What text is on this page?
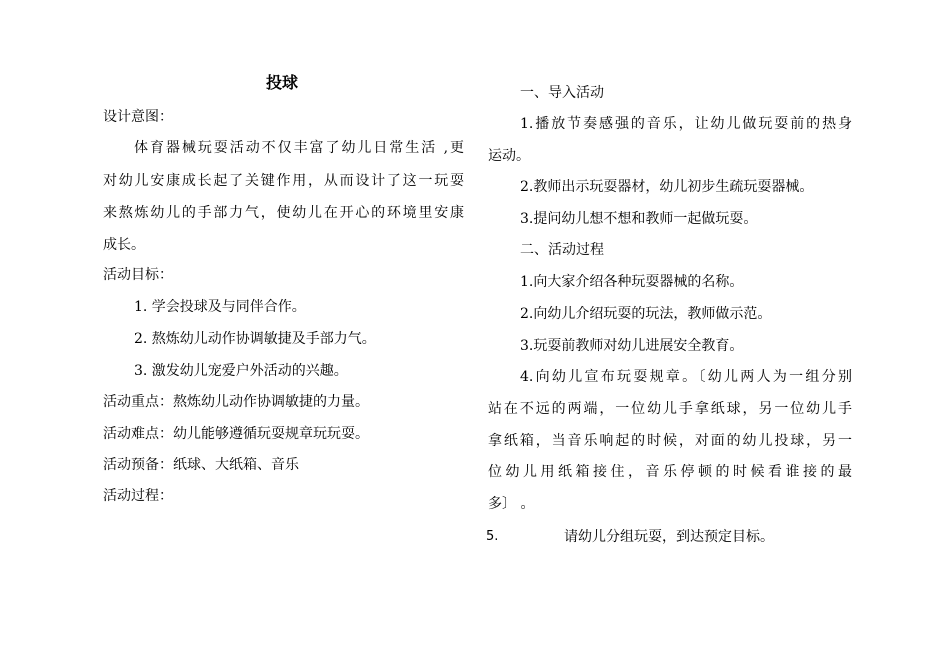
投球
设计意图：
体育器械玩耍活动不仅丰富了幼儿日常生活 ,更
对幼儿安康成长起了关键作用，从而设计了这一玩耍
来熬炼幼儿的手部力气，使幼儿在开心的环境里安康
成长。
活动目标：
1. 学会投球及与同伴合作。
2. 熬炼幼儿动作协调敏捷及手部力气。
3. 激发幼儿宠爱户外活动的兴趣。
活动重点：熬炼幼儿动作协调敏捷的力量。
活动难点：幼儿能够遵循玩耍规章玩玩耍。
活动预备：纸球、大纸箱、音乐
活动过程：
一、导入活动
1.播放节奏感强的音乐，让幼儿做玩耍前的热身
运动。
2.教师出示玩耍器材，幼儿初步生疏玩耍器械。
3.提问幼儿想不想和教师一起做玩耍。
二、活动过程
1.向大家介绍各种玩耍器械的名称。
2.向幼儿介绍玩耍的玩法，教师做示范。
3.玩耍前教师对幼儿进展安全教育。
4.向幼儿宣布玩耍规章。〔幼儿两人为一组分别
站在不远的两端，一位幼儿手拿纸球，另一位幼儿手
拿纸箱，当音乐响起的时候，对面的幼儿投球，另一
位幼儿用纸箱接住，音乐停顿的时候看谁接的最
多〕 。
5.	请幼儿分组玩耍，到达预定目标。
